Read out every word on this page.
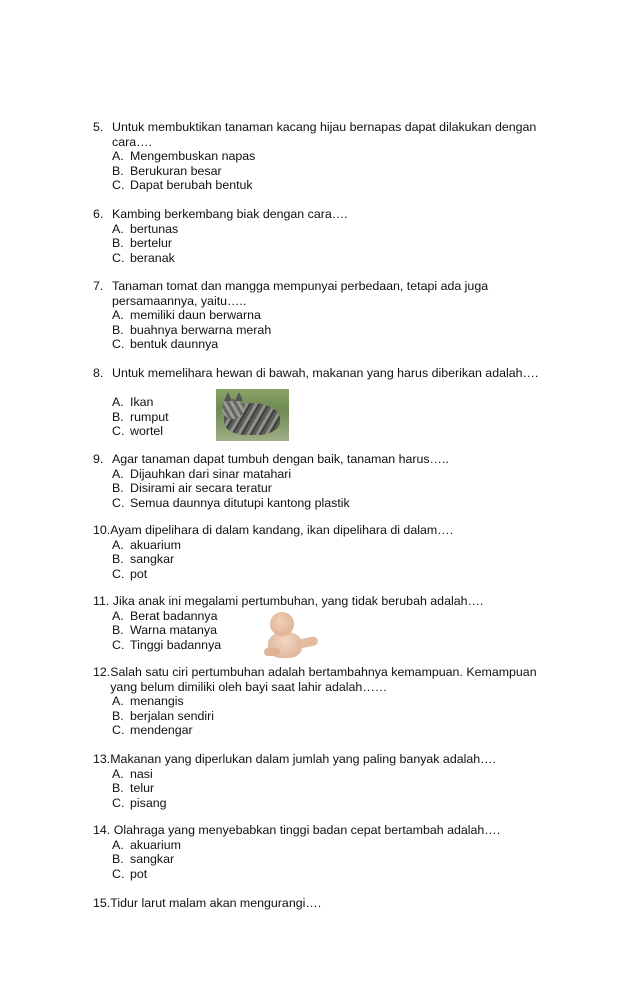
5. Untuk membuktikan tanaman kacang hijau bernapas dapat dilakukan dengan
cara….
A. Mengembuskan napas
B. Berukuran besar
C. Dapat berubah bentuk
6. Kambing berkembang biak dengan cara….
A. bertunas
B. bertelur
C. beranak
7. Tanaman tomat dan mangga mempunyai perbedaan, tetapi ada juga
persamaannya, yaitu…..
A. memiliki daun berwarna
B. buahnya berwarna merah
C. bentuk daunnya
8. Untuk memelihara hewan di bawah, makanan yang harus diberikan adalah….
A. Ikan
B. rumput
C. wortel
9. Agar tanaman dapat tumbuh dengan baik, tanaman harus…..
A. Dijauhkan dari sinar matahari
B. Disirami air secara teratur
C. Semua daunnya ditutupi kantong plastik
10. Ayam dipelihara di dalam kandang, ikan dipelihara di dalam….
A. akuarium
B. sangkar
C. pot
11. Jika anak ini megalami pertumbuhan, yang tidak berubah adalah….
A. Berat badannya
B. Warna matanya
C. Tinggi badannya
12. Salah satu ciri pertumbuhan adalah bertambahnya kemampuan. Kemampuan
yang belum dimiliki oleh bayi saat lahir adalah……
A. menangis
B. berjalan sendiri
C. mendengar
13. Makanan yang diperlukan dalam jumlah yang paling banyak adalah….
A. nasi
B. telur
C. pisang
14. Olahraga yang menyebabkan tinggi badan cepat bertambah adalah….
A. akuarium
B. sangkar
C. pot
15. Tidur larut malam akan mengurangi….
